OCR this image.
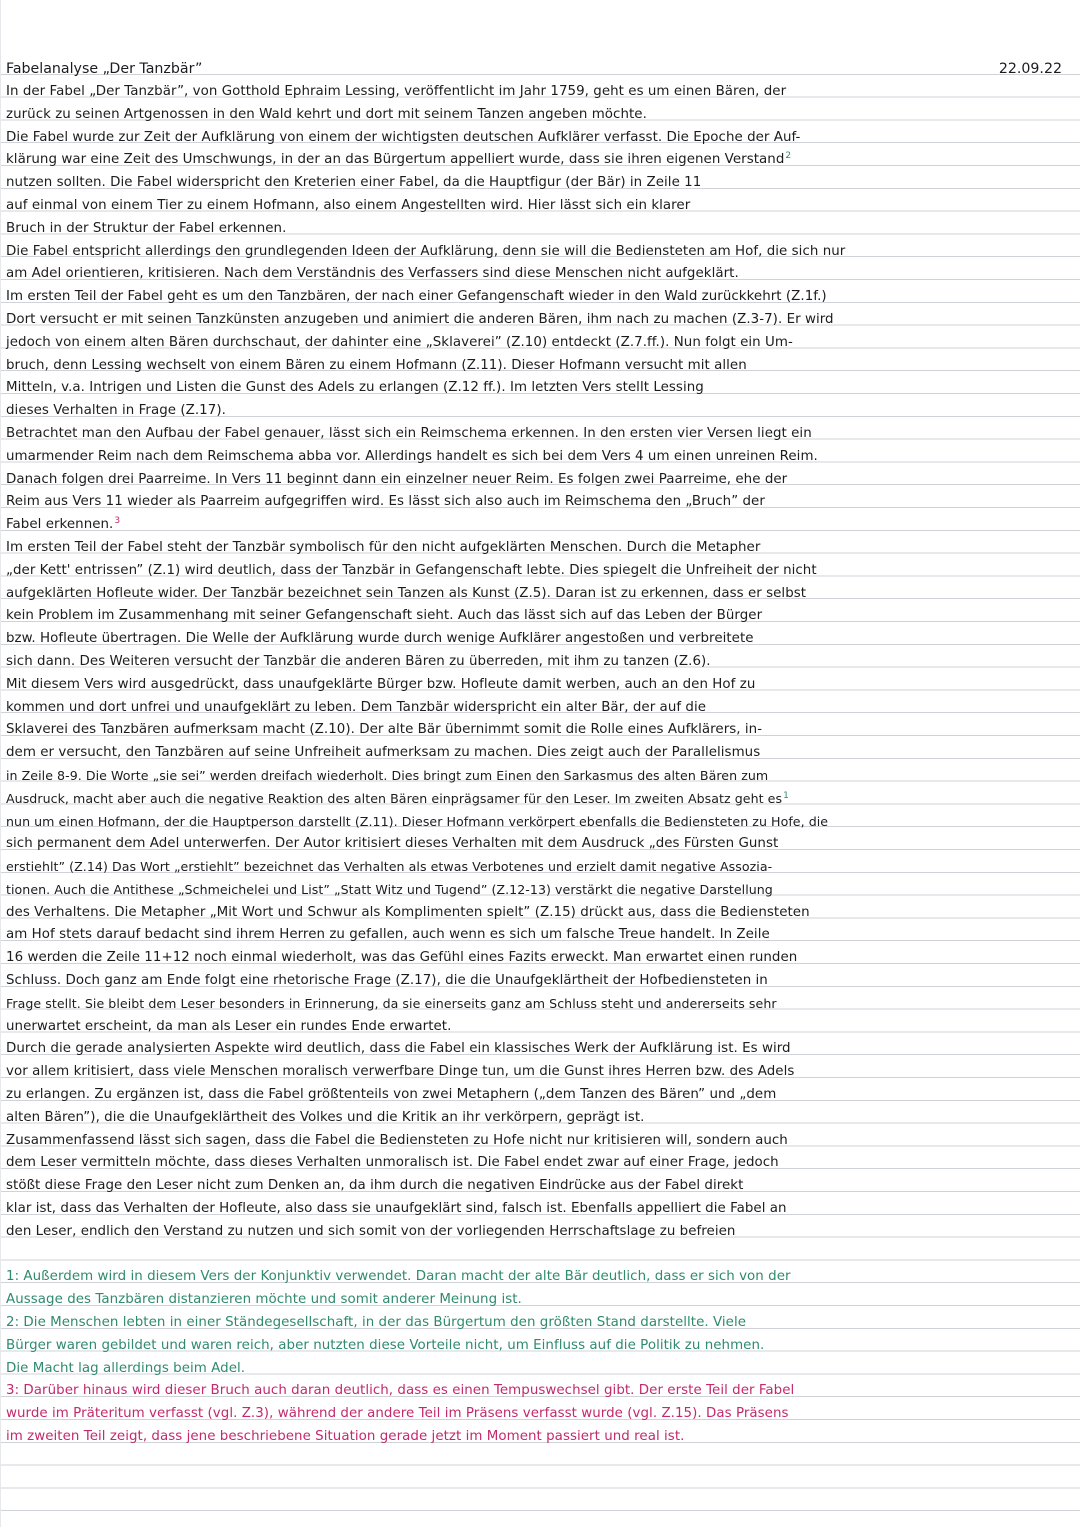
Fabelanalyse „Der Tanzbär”	22.09.22
In der Fabel „Der Tanzbär”, von Gotthold Ephraim Lessing, veröffentlicht im Jahr 1759, geht es um einen Bären, der
zurück zu seinen Artgenossen in den Wald kehrt und dort mit seinem Tanzen angeben möchte.
Die Fabel wurde zur Zeit der Aufklärung von einem der wichtigsten deutschen Aufklärer verfasst. Die Epoche der Auf-
klärung war eine Zeit des Umschwungs, in der an das Bürgertum appelliert wurde, dass sie ihren eigenen Verstand2
nutzen sollten. Die Fabel widerspricht den Kreterien einer Fabel, da die Hauptfigur (der Bär) in Zeile 11
auf einmal von einem Tier zu einem Hofmann, also einem Angestellten wird. Hier lässt sich ein klarer
Bruch in der Struktur der Fabel erkennen.
Die Fabel entspricht allerdings den grundlegenden Ideen der Aufklärung, denn sie will die Bediensteten am Hof, die sich nur
am Adel orientieren, kritisieren. Nach dem Verständnis des Verfassers sind diese Menschen nicht aufgeklärt.
Im ersten Teil der Fabel geht es um den Tanzbären, der nach einer Gefangenschaft wieder in den Wald zurückkehrt (Z.1f.)
Dort versucht er mit seinen Tanzkünsten anzugeben und animiert die anderen Bären, ihm nach zu machen (Z.3-7). Er wird
jedoch von einem alten Bären durchschaut, der dahinter eine „Sklaverei” (Z.10) entdeckt (Z.7.ff.). Nun folgt ein Um-
bruch, denn Lessing wechselt von einem Bären zu einem Hofmann (Z.11). Dieser Hofmann versucht mit allen
Mitteln, v.a. Intrigen und Listen die Gunst des Adels zu erlangen (Z.12 ff.). Im letzten Vers stellt Lessing
dieses Verhalten in Frage (Z.17).
Betrachtet man den Aufbau der Fabel genauer, lässt sich ein Reimschema erkennen. In den ersten vier Versen liegt ein
umarmender Reim nach dem Reimschema abba vor. Allerdings handelt es sich bei dem Vers 4 um einen unreinen Reim.
Danach folgen drei Paarreime. In Vers 11 beginnt dann ein einzelner neuer Reim. Es folgen zwei Paarreime, ehe der
Reim aus Vers 11 wieder als Paarreim aufgegriffen wird. Es lässt sich also auch im Reimschema den „Bruch” der
Fabel erkennen.3
Im ersten Teil der Fabel steht der Tanzbär symbolisch für den nicht aufgeklärten Menschen. Durch die Metapher
„der Kett' entrissen” (Z.1) wird deutlich, dass der Tanzbär in Gefangenschaft lebte. Dies spiegelt die Unfreiheit der nicht
aufgeklärten Hofleute wider. Der Tanzbär bezeichnet sein Tanzen als Kunst (Z.5). Daran ist zu erkennen, dass er selbst
kein Problem im Zusammenhang mit seiner Gefangenschaft sieht. Auch das lässt sich auf das Leben der Bürger
bzw. Hofleute übertragen. Die Welle der Aufklärung wurde durch wenige Aufklärer angestoßen und verbreitete
sich dann. Des Weiteren versucht der Tanzbär die anderen Bären zu überreden, mit ihm zu tanzen (Z.6).
Mit diesem Vers wird ausgedrückt, dass unaufgeklärte Bürger bzw. Hofleute damit werben, auch an den Hof zu
kommen und dort unfrei und unaufgeklärt zu leben. Dem Tanzbär widerspricht ein alter Bär, der auf die
Sklaverei des Tanzbären aufmerksam macht (Z.10). Der alte Bär übernimmt somit die Rolle eines Aufklärers, in-
dem er versucht, den Tanzbären auf seine Unfreiheit aufmerksam zu machen. Dies zeigt auch der Parallelismus
in Zeile 8-9. Die Worte „sie sei” werden dreifach wiederholt. Dies bringt zum Einen den Sarkasmus des alten Bären zum
Ausdruck, macht aber auch die negative Reaktion des alten Bären einprägsamer für den Leser. Im zweiten Absatz geht es1
nun um einen Hofmann, der die Hauptperson darstellt (Z.11). Dieser Hofmann verkörpert ebenfalls die Bediensteten zu Hofe, die
sich permanent dem Adel unterwerfen. Der Autor kritisiert dieses Verhalten mit dem Ausdruck „des Fürsten Gunst
erstiehlt” (Z.14) Das Wort „erstiehlt” bezeichnet das Verhalten als etwas Verbotenes und erzielt damit negative Assozia-
tionen. Auch die Antithese „Schmeichelei und List” „Statt Witz und Tugend” (Z.12-13) verstärkt die negative Darstellung
des Verhaltens. Die Metapher „Mit Wort und Schwur als Komplimenten spielt” (Z.15) drückt aus, dass die Bediensteten
am Hof stets darauf bedacht sind ihrem Herren zu gefallen, auch wenn es sich um falsche Treue handelt. In Zeile
16 werden die Zeile 11+12 noch einmal wiederholt, was das Gefühl eines Fazits erweckt. Man erwartet einen runden
Schluss. Doch ganz am Ende folgt eine rhetorische Frage (Z.17), die die Unaufgeklärtheit der Hofbediensteten in
Frage stellt. Sie bleibt dem Leser besonders in Erinnerung, da sie einerseits ganz am Schluss steht und andererseits sehr
unerwartet erscheint, da man als Leser ein rundes Ende erwartet.
Durch die gerade analysierten Aspekte wird deutlich, dass die Fabel ein klassisches Werk der Aufklärung ist. Es wird
vor allem kritisiert, dass viele Menschen moralisch verwerfbare Dinge tun, um die Gunst ihres Herren bzw. des Adels
zu erlangen. Zu ergänzen ist, dass die Fabel größtenteils von zwei Metaphern („dem Tanzen des Bären” und „dem
alten Bären”), die die Unaufgeklärtheit des Volkes und die Kritik an ihr verkörpern, geprägt ist.
Zusammenfassend lässt sich sagen, dass die Fabel die Bediensteten zu Hofe nicht nur kritisieren will, sondern auch
dem Leser vermitteln möchte, dass dieses Verhalten unmoralisch ist. Die Fabel endet zwar auf einer Frage, jedoch
stößt diese Frage den Leser nicht zum Denken an, da ihm durch die negativen Eindrücke aus der Fabel direkt
klar ist, dass das Verhalten der Hofleute, also dass sie unaufgeklärt sind, falsch ist. Ebenfalls appelliert die Fabel an
den Leser, endlich den Verstand zu nutzen und sich somit von der vorliegenden Herrschaftslage zu befreien
1: Außerdem wird in diesem Vers der Konjunktiv verwendet. Daran macht der alte Bär deutlich, dass er sich von der
Aussage des Tanzbären distanzieren möchte und somit anderer Meinung ist.
2: Die Menschen lebten in einer Ständegesellschaft, in der das Bürgertum den größten Stand darstellte. Viele
Bürger waren gebildet und waren reich, aber nutzten diese Vorteile nicht, um Einfluss auf die Politik zu nehmen.
Die Macht lag allerdings beim Adel.
3: Darüber hinaus wird dieser Bruch auch daran deutlich, dass es einen Tempuswechsel gibt. Der erste Teil der Fabel
wurde im Präteritum verfasst (vgl. Z.3), während der andere Teil im Präsens verfasst wurde (vgl. Z.15). Das Präsens
im zweiten Teil zeigt, dass jene beschriebene Situation gerade jetzt im Moment passiert und real ist.
